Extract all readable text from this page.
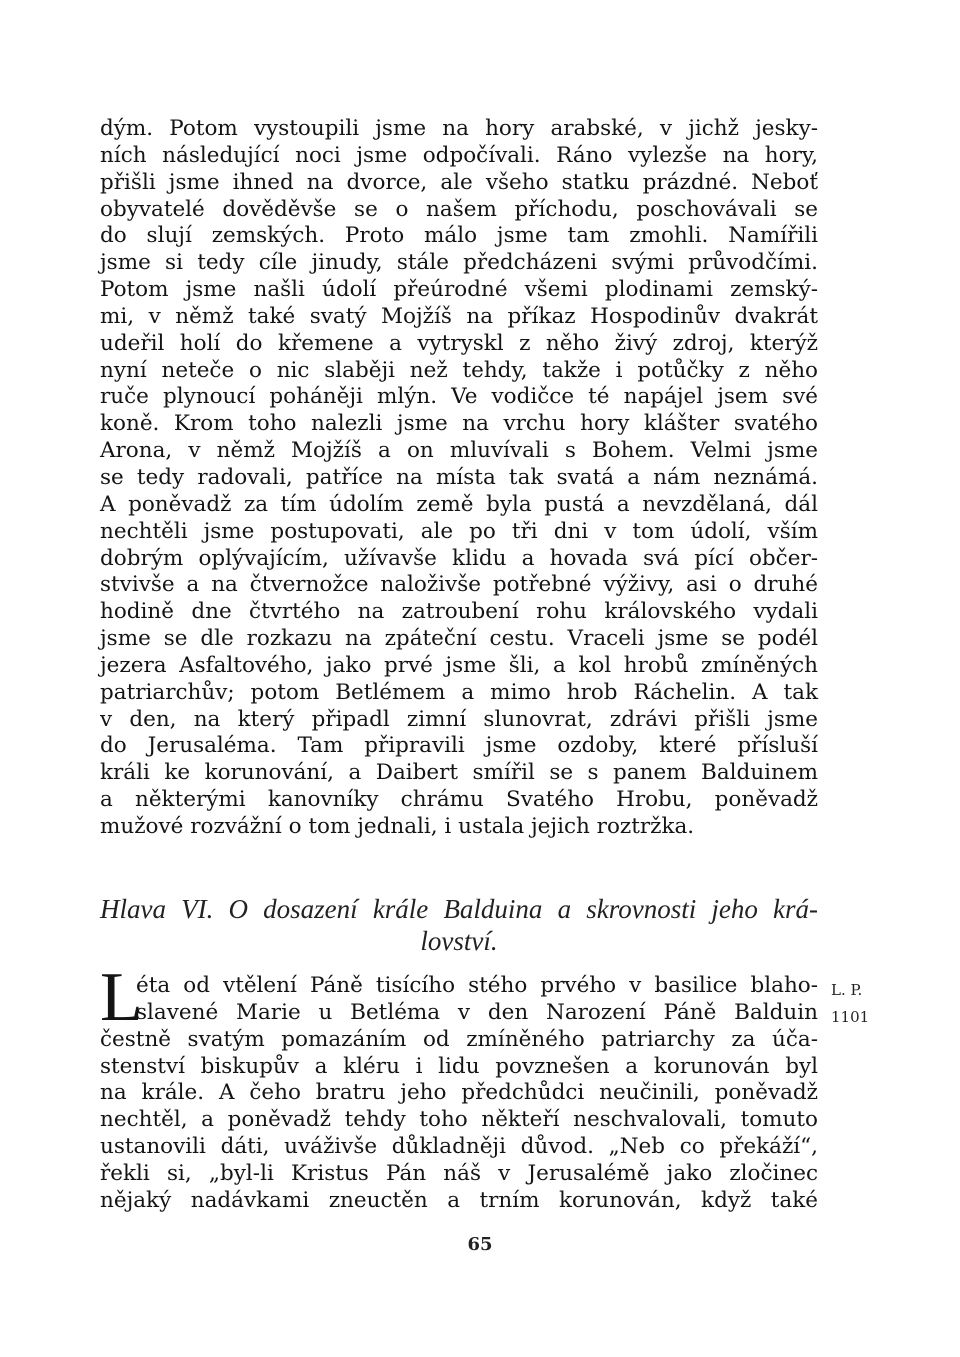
dým. Potom vystoupili jsme na hory arabské, v jichž jesky-
ních následující noci jsme odpočívali. Ráno vylezše na hory,
přišli jsme ihned na dvorce, ale všeho statku prázdné. Neboť
obyvatelé dověděvše se o našem příchodu, poschovávali se
do slují zemských. Proto málo jsme tam zmohli. Namířili
jsme si tedy cíle jinudy, stále předcházeni svými průvodčími.
Potom jsme našli údolí přeúrodné všemi plodinami zemský-
mi, v němž také svatý Mojžíš na příkaz Hospodinův dvakrát
udeřil holí do křemene a vytryskl z něho živý zdroj, kterýž
nyní neteče o nic slaběji než tehdy, takže i potůčky z něho
ruče plynoucí poháněji mlýn. Ve vodičce té napájel jsem své
koně. Krom toho nalezli jsme na vrchu hory klášter svatého
Arona, v němž Mojžíš a on mluvívali s Bohem. Velmi jsme
se tedy radovali, patříce na místa tak svatá a nám neznámá.
A poněvadž za tím údolím země byla pustá a nevzdělaná, dál
nechtěli jsme postupovati, ale po tři dni v tom údolí, vším
dobrým oplývajícím, užívavše klidu a hovada svá pící občer-
stvivše a na čtvernožce naloživše potřebné výživy, asi o druhé
hodině dne čtvrtého na zatroubení rohu královského vydali
jsme se dle rozkazu na zpáteční cestu. Vraceli jsme se podél
jezera Asfaltového, jako prvé jsme šli, a kol hrobů zmíněných
patriarchův; potom Betlémem a mimo hrob Ráchelin. A tak
v den, na který připadl zimní slunovrat, zdrávi přišli jsme
do Jerusaléma. Tam připravili jsme ozdoby, které přísluší
králi ke korunování, a Daibert smířil se s panem Balduinem
a některými kanovníky chrámu Svatého Hrobu, poněvadž
mužové rozvážní o tom jednali, i ustala jejich roztržka.
Hlava VI. O dosazení krále Balduina a skrovnosti jeho krá-
lovství.
L
éta od vtělení Páně tisícího stého prvého v basilice blaho-
slavené Marie u Betléma v den Narození Páně Balduin
čestně svatým pomazáním od zmíněného patriarchy za úča-
stenství biskupův a kléru i lidu povznešen a korunován byl
na krále. A čeho bratru jeho předchůdci neučinili, poněvadž
nechtěl, a poněvadž tehdy toho někteří neschvalovali, tomuto
ustanovili dáti, uváživše důkladněji důvod. „Neb co překáží“,
řekli si, „byl-li Kristus Pán náš v Jerusalémě jako zločinec
nějaký nadávkami zneuctěn a trním korunován, když také
L. P.
1101
65
